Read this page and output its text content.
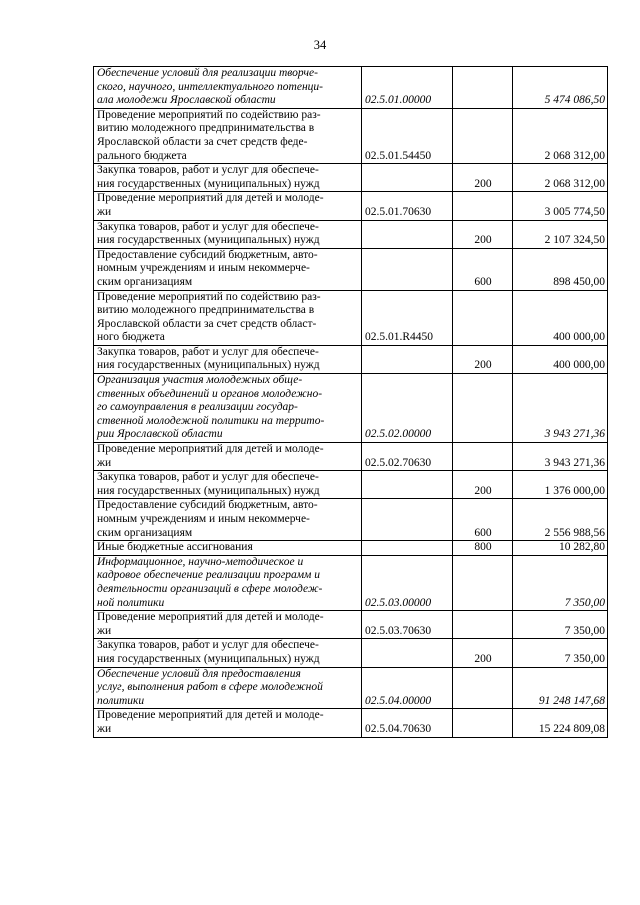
34
Обеспечение условий для реализации творче-
ского, научного, интеллектуального потенци-
ала молодежи Ярославской области	02.5.01.00000		5 474 086,50

Проведение мероприятий по содействию раз-
витию молодежного предпринимательства в
Ярославской области за счет средств феде-
рального бюджета	02.5.01.54450		2 068 312,00

Закупка товаров, работ и услуг для обеспече-
ния государственных (муниципальных) нужд		200	2 068 312,00

Проведение мероприятий для детей и молоде-
жи	02.5.01.70630		3 005 774,50

Закупка товаров, работ и услуг для обеспече-
ния государственных (муниципальных) нужд		200	2 107 324,50

Предоставление субсидий бюджетным, авто-
номным учреждениям и иным некоммерче-
ским организациям		600	898 450,00

Проведение мероприятий по содействию раз-
витию молодежного предпринимательства в
Ярославской области за счет средств област-
ного бюджета	02.5.01.R4450		400 000,00

Закупка товаров, работ и услуг для обеспече-
ния государственных (муниципальных) нужд		200	400 000,00

Организация участия молодежных обще-
ственных объединений и органов молодежно-
го самоуправления в реализации государ-
ственной молодежной политики на террито-
рии Ярославской области	02.5.02.00000		3 943 271,36

Проведение мероприятий для детей и молоде-
жи	02.5.02.70630		3 943 271,36

Закупка товаров, работ и услуг для обеспече-
ния государственных (муниципальных) нужд		200	1 376 000,00

Предоставление субсидий бюджетным, авто-
номным учреждениям и иным некоммерче-
ским организациям		600	2 556 988,56

Иные бюджетные ассигнования		800	10 282,80

Информационное, научно-методическое и
кадровое обеспечение реализации программ и
деятельности организаций в сфере молодеж-
ной политики	02.5.03.00000		7 350,00

Проведение мероприятий для детей и молоде-
жи	02.5.03.70630		7 350,00

Закупка товаров, работ и услуг для обеспече-
ния государственных (муниципальных) нужд		200	7 350,00

Обеспечение условий для предоставления
услуг, выполнения работ в сфере молодежной
политики	02.5.04.00000		91 248 147,68

Проведение мероприятий для детей и молоде-
жи	02.5.04.70630		15 224 809,08
